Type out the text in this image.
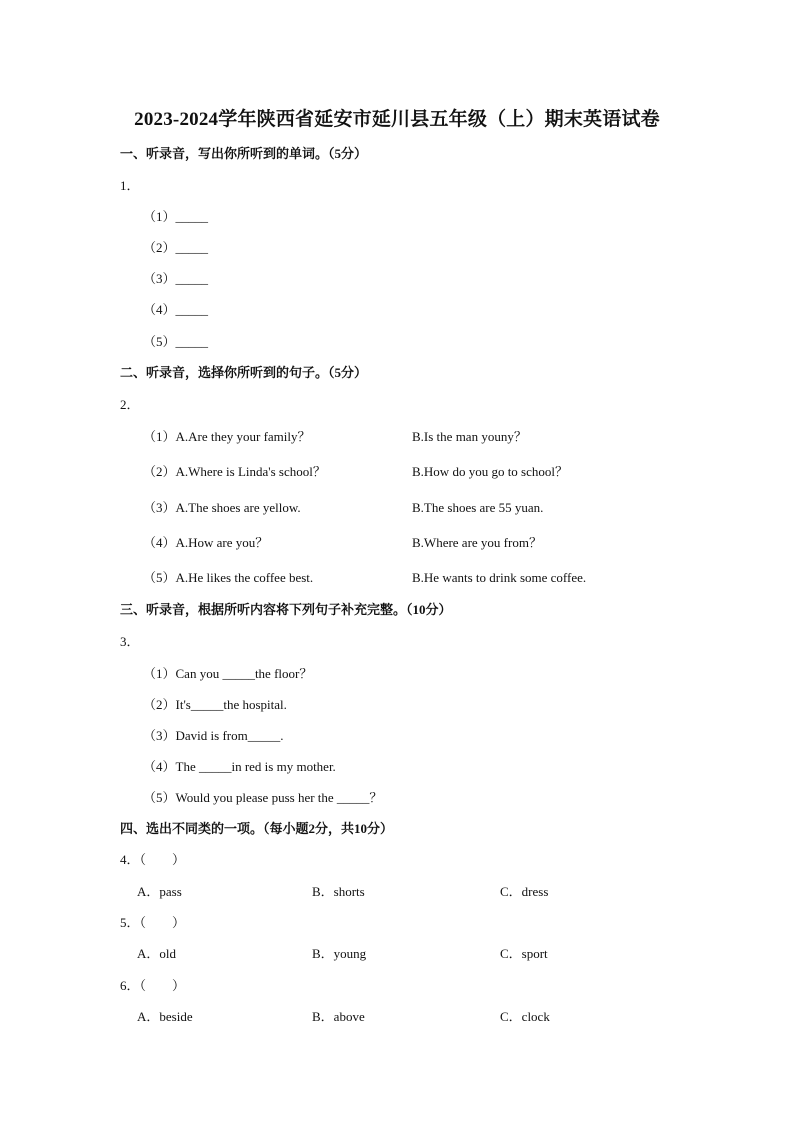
2023-2024学年陕西省延安市延川县五年级（上）期末英语试卷
一、听录音，写出你所听到的单词。（5分）
1．
（1）_____
（2）_____
（3）_____
（4）_____
（5）_____
二、听录音，选择你所听到的句子。（5分）
2．
（1）A.Are they your family？	B.Is the man youny？
（2）A.Where is Linda's school？	B.How do you go to school？
（3）A.The shoes are yellow.	B.The shoes are 55 yuan.
（4）A.How are you？	B.Where are you from？
（5）A.He likes the coffee best.	B.He wants to drink some coffee.
三、听录音，根据所听内容将下列句子补充完整。（10分）
3．
（1）Can you _____the floor？
（2）It's_____the hospital.
（3）David is from_____.
（4）The _____in red is my mother.
（5）Would you please puss her the _____？
四、选出不同类的一项。（每小题2分，共10分）
4．（　　）
A．pass	B．shorts	C．dress
5．（　　）
A．old	B．young	C．sport
6．（　　）
A．beside	B．above	C．clock
